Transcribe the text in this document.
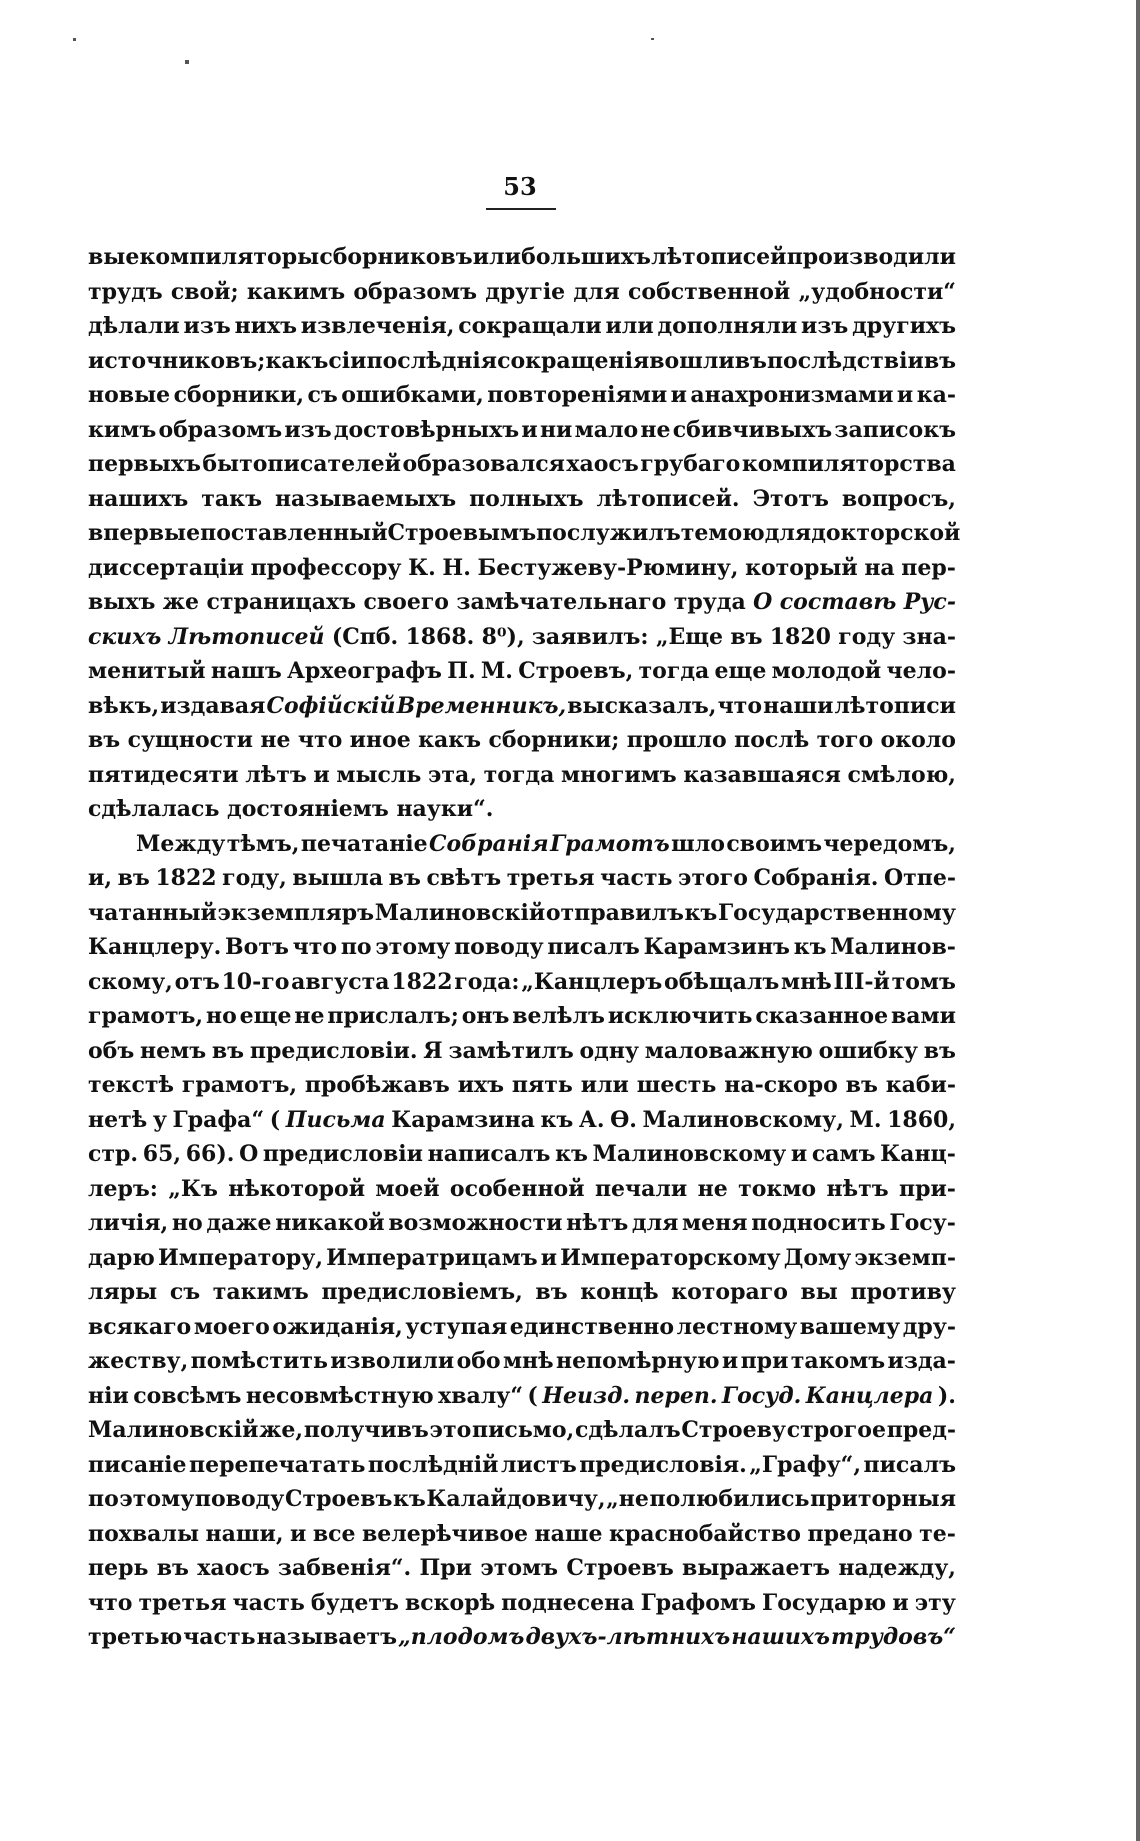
53
вые компиляторы сборниковъ или большихъ лѣтописей производили
трудъ свой; какимъ образомъ другіе для собственной „удобности“
дѣлали изъ нихъ извлеченія, сокращали или дополняли изъ другихъ
источниковъ; какъ сіи послѣднія сокращенія вошли въ послѣдствіи въ
новые сборники, съ ошибками, повтореніями и анахронизмами и ка-
кимъ образомъ изъ достовѣрныхъ и ни мало не сбивчивыхъ записокъ
первыхъ бытописателей образовался хаосъ грубаго компиляторства
нашихъ такъ называемыхъ полныхъ лѣтописей. Этотъ вопросъ,
впервые поставленный Строевымъ послужилъ темою для докторской
диссертаціи профессору К. Н. Бестужеву-Рюмину, который на пер-
выхъ же страницахъ своего замѣчательнаго труда О составѣ Рус-
скихъ Лѣтописей (Спб. 1868. 8⁰), заявилъ: „Еще въ 1820 году зна-
менитый нашъ Археографъ П. М. Строевъ, тогда еще молодой чело-
вѣкъ, издавая Софійскій Временникъ, высказалъ, что наши лѣтописи
въ сущности не что иное какъ сборники; прошло послѣ того около
пятидесяти лѣтъ и мысль эта, тогда многимъ казавшаяся смѣлою,
сдѣлалась достояніемъ науки“.
Между тѣмъ, печатаніе Собранія Грамотъ шло своимъ чередомъ,
и, въ 1822 году, вышла въ свѣтъ третья часть этого Собранія. Отпе-
чатанный экземпляръ Малиновскій отправилъ къ Государственному
Канцлеру. Вотъ что по этому поводу писалъ Карамзинъ къ Малинов-
скому, отъ 10-го августа 1822 года: „Канцлеръ обѣщалъ мнѣ III-й томъ
грамотъ, но еще не прислалъ; онъ велѣлъ исключить сказанное вами
объ немъ въ предисловіи. Я замѣтилъ одну маловажную ошибку въ
текстѣ грамотъ, пробѣжавъ ихъ пять или шесть на-скоро въ каби-
нетѣ у Графа“ ( Письма Карамзина къ А. Ѳ. Малиновскому, М. 1860,
стр. 65, 66). О предисловіи написалъ къ Малиновскому и самъ Канц-
леръ: „Къ нѣкоторой моей особенной печали не токмо нѣтъ при-
личія, но даже никакой возможности нѣтъ для меня подносить Госу-
дарю Императору, Императрицамъ и Императорскому Дому экземп-
ляры съ такимъ предисловіемъ, въ концѣ котораго вы противу
всякаго моего ожиданія, уступая единственно лестному вашему дру-
жеству, помѣстить изволили обо мнѣ непомѣрную и при такомъ изда-
ніи совсѣмъ несовмѣстную хвалу“ ( Неизд. переп. Госуд. Канцлера ).
Малиновскій же, получивъ это письмо, сдѣлалъ Строеву строгое пред-
писаніе перепечатать послѣдній листъ предисловія. „Графу“, писалъ
по этому поводу Строевъ къ Калайдовичу, „не полюбились приторныя
похвалы наши, и все велерѣчивое наше краснобайство предано те-
перь въ хаосъ забвенія“. При этомъ Строевъ выражаетъ надежду,
что третья часть будетъ вскорѣ поднесена Графомъ Государю и эту
третью часть называетъ „плодомъ двухъ-лѣтнихъ нашихъ трудовъ“
